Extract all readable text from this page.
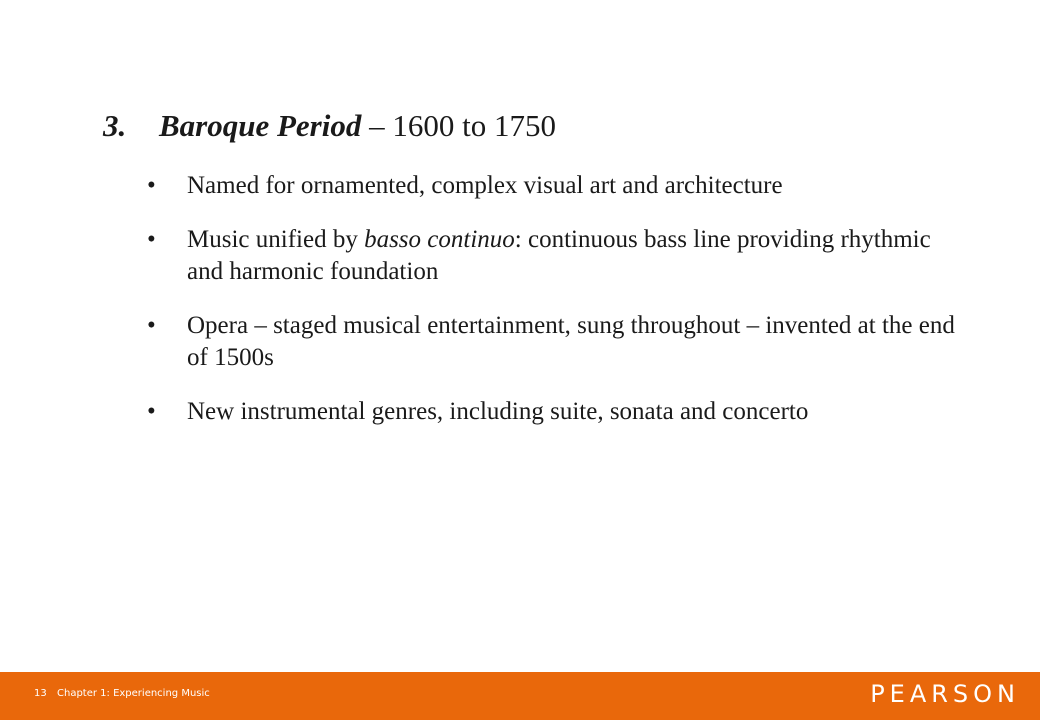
3. Baroque Period – 1600 to 1750
•	Named for ornamented, complex visual art and architecture
•	Music unified by basso continuo: continuous bass line providing rhythmic and harmonic foundation
•	Opera – staged musical entertainment, sung throughout – invented at the end of 1500s
•	New instrumental genres, including suite, sonata and concerto
13 Chapter 1: Experiencing Music	PEARSON
